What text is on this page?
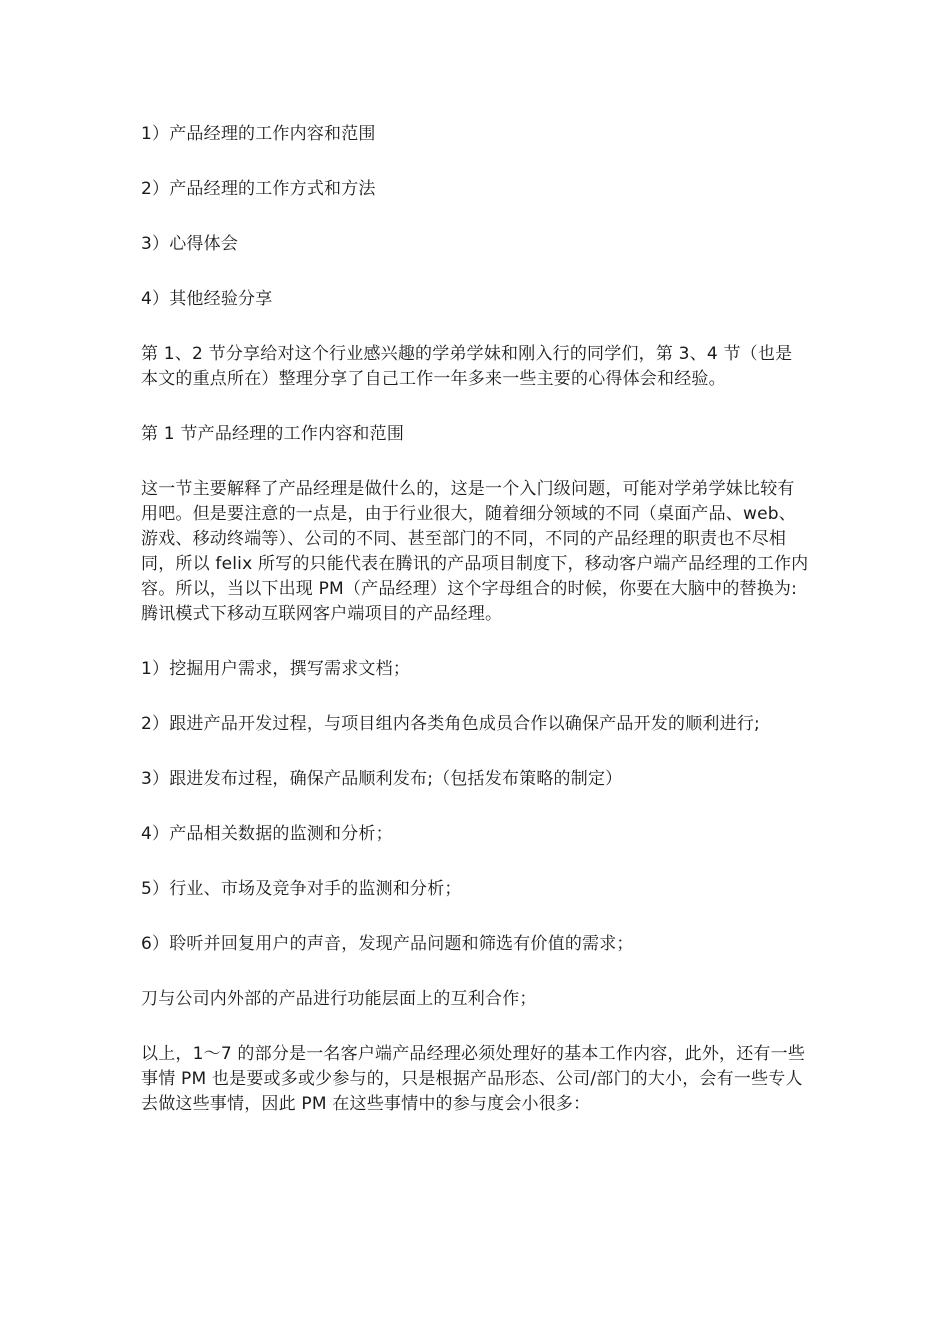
1）产品经理的工作内容和范围

2）产品经理的工作方式和方法

3）心得体会

4）其他经验分享

第 1、2 节分享给对这个行业感兴趣的学弟学妹和刚入行的同学们，第 3、4 节（也是本文的重点所在）整理分享了自己工作一年多来一些主要的心得体会和经验。

第 1 节产品经理的工作内容和范围

这一节主要解释了产品经理是做什么的，这是一个入门级问题，可能对学弟学妹比较有用吧。但是要注意的一点是，由于行业很大，随着细分领域的不同（桌面产品、web、游戏、移动终端等）、公司的不同、甚至部门的不同，不同的产品经理的职责也不尽相同，所以 felix 所写的只能代表在腾讯的产品项目制度下，移动客户端产品经理的工作内容。所以，当以下出现 PM（产品经理）这个字母组合的时候，你要在大脑中的替换为:腾讯模式下移动互联网客户端项目的产品经理。

1）挖掘用户需求，撰写需求文档；

2）跟进产品开发过程，与项目组内各类角色成员合作以确保产品开发的顺利进行;

3）跟进发布过程，确保产品顺利发布;（包括发布策略的制定）

4）产品相关数据的监测和分析；

5）行业、市场及竞争对手的监测和分析；

6）聆听并回复用户的声音，发现产品问题和筛选有价值的需求；

刀与公司内外部的产品进行功能层面上的互利合作；

以上，1〜7 的部分是一名客户端产品经理必须处理好的基本工作内容，此外，还有一些事情 PM 也是要或多或少参与的，只是根据产品形态、公司/部门的大小，会有一些专人去做这些事情，因此 PM 在这些事情中的参与度会小很多：
